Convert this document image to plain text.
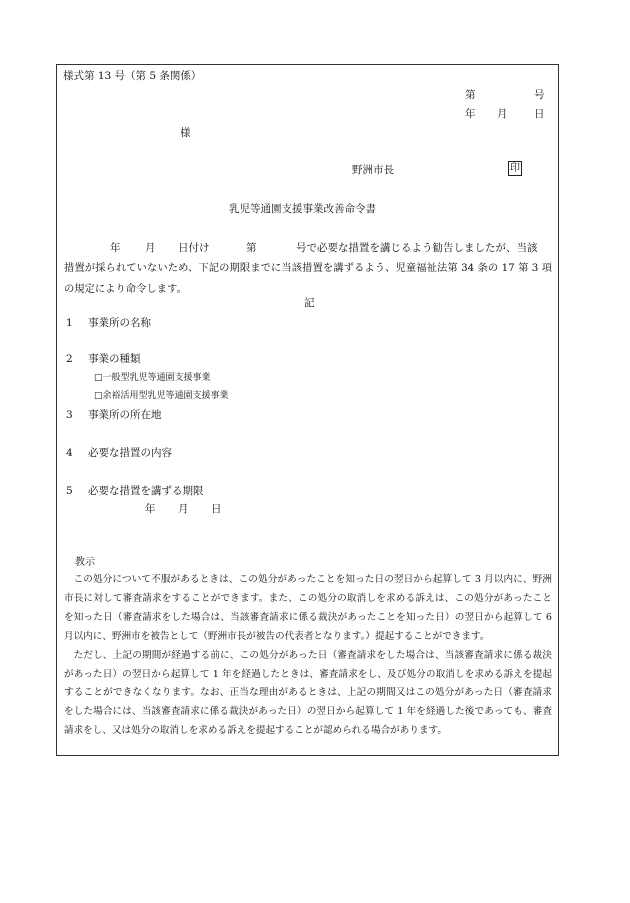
様式第 13 号（第 5 条関係）
第	号
年 月	日
様
野洲市長	印
乳児等通園支援事業改善命令書
年 月 日付け	第	号で必要な措置を講じるよう勧告しましたが、当該
措置が採られていないため、下記の期限までに当該措置を講ずるよう、児童福祉法第 34 条の 17 第 3 項の規定により命令します。
記
1 事業所の名称
2 事業の種類
□一般型乳児等通園支援事業
□余裕活用型乳児等通園支援事業
3 事業所の所在地
4 必要な措置の内容
5 必要な措置を講ずる期限
年 月 日
教示

この処分について不服があるときは、この処分があったことを知った日の翌日から起算して 3 月以内に、野洲市長に対して審査請求をすることができます。また、この処分の取消しを求める訴えは、この処分があったことを知った日（審査請求をした場合は、当該審査請求に係る裁決があったことを知った日）の翌日から起算して 6 月以内に、野洲市を被告として（野洲市長が被告の代表者となります。）提起することができます。

ただし、上記の期間が経過する前に、この処分があった日（審査請求をした場合は、当該審査請求に係る裁決があった日）の翌日から起算して 1 年を経過したときは、審査請求をし、及び処分の取消しを求める訴えを提起することができなくなります。なお、正当な理由があるときは、上記の期間又はこの処分があった日（審査請求をした場合には、当該審査請求に係る裁決があった日）の翌日から起算して 1 年を経過した後であっても、審査請求をし、又は処分の取消しを求める訴えを提起することが認められる場合があります。
